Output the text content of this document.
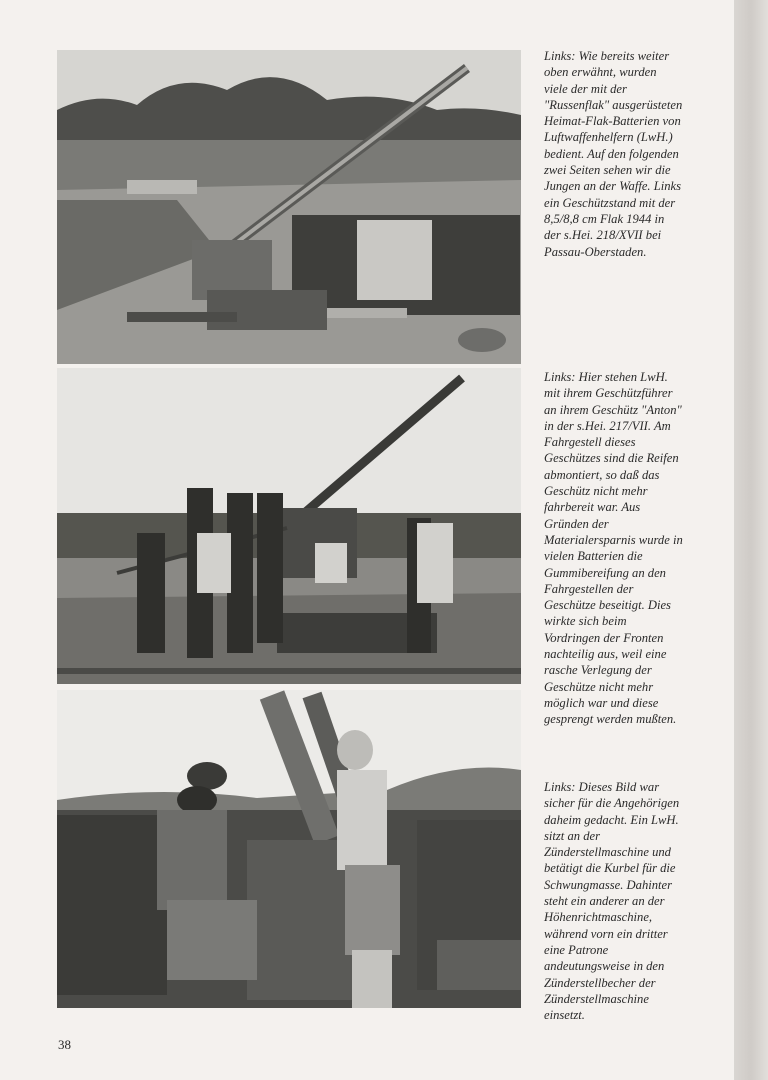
Links: Wie bereits weiter
oben erwähnt, wurden
viele der mit der
"Russenflak" ausgerüsteten
Heimat-Flak-Batterien von
Luftwaffenhelfern (LwH.)
bedient. Auf den folgenden
zwei Seiten sehen wir die
Jungen an der Waffe. Links
ein Geschützstand mit der
8,5/8,8 cm Flak 1944 in
der s.Hei. 218/XVII bei
Passau-Oberstaden.

Links: Hier stehen LwH.
mit ihrem Geschützführer
an ihrem Geschütz "Anton"
in der s.Hei. 217/VII. Am
Fahrgestell dieses
Geschützes sind die Reifen
abmontiert, so daß das
Geschütz nicht mehr
fahrbereit war. Aus
Gründen der
Materialersparnis wurde in
vielen Batterien die
Gummibereifung an den
Fahrgestellen der
Geschütze beseitigt. Dies
wirkte sich beim
Vordringen der Fronten
nachteilig aus, weil eine
rasche Verlegung der
Geschütze nicht mehr
möglich war und diese
gesprengt werden mußten.

Links: Dieses Bild war
sicher für die Angehörigen
daheim gedacht. Ein LwH.
sitzt an der
Zünderstellmaschine und
betätigt die Kurbel für die
Schwungmasse. Dahinter
steht ein anderer an der
Höhenrichtmaschine,
während vorn ein dritter
eine Patrone
andeutungsweise in den
Zünderstellbecher der
Zünderstellmaschine
einsetzt.

38
